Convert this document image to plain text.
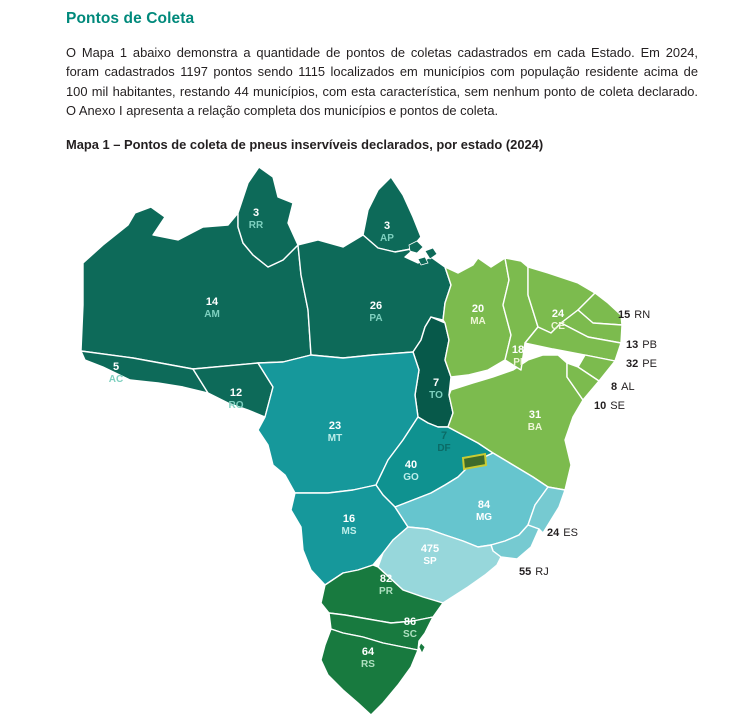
Pontos de Coleta

O Mapa 1 abaixo demonstra a quantidade de pontos de coletas cadastrados em cada Estado. Em 2024, foram cadastrados 1197 pontos sendo 1115 localizados em municípios com população residente acima de 100 mil habitantes, restando 44 municípios, com esta característica, sem nenhum ponto de coleta declarado. O Anexo I apresenta a relação completa dos municípios e pontos de coleta.

Mapa 1 – Pontos de coleta de pneus inservíveis declarados, por estado (2024)

3
RR	3
AP
14
AM
26
PA
5
AC
12
RO
7
TO
23
MT	7
DF
40
GO
16
MS
84
MG
475
SP
20
MA
18
PI
24
CE
31
BA
82
PR
86
SC
64
RS
15 RN
13 PB
32 PE
8 AL
10 SE
24 ES
55 RJ
